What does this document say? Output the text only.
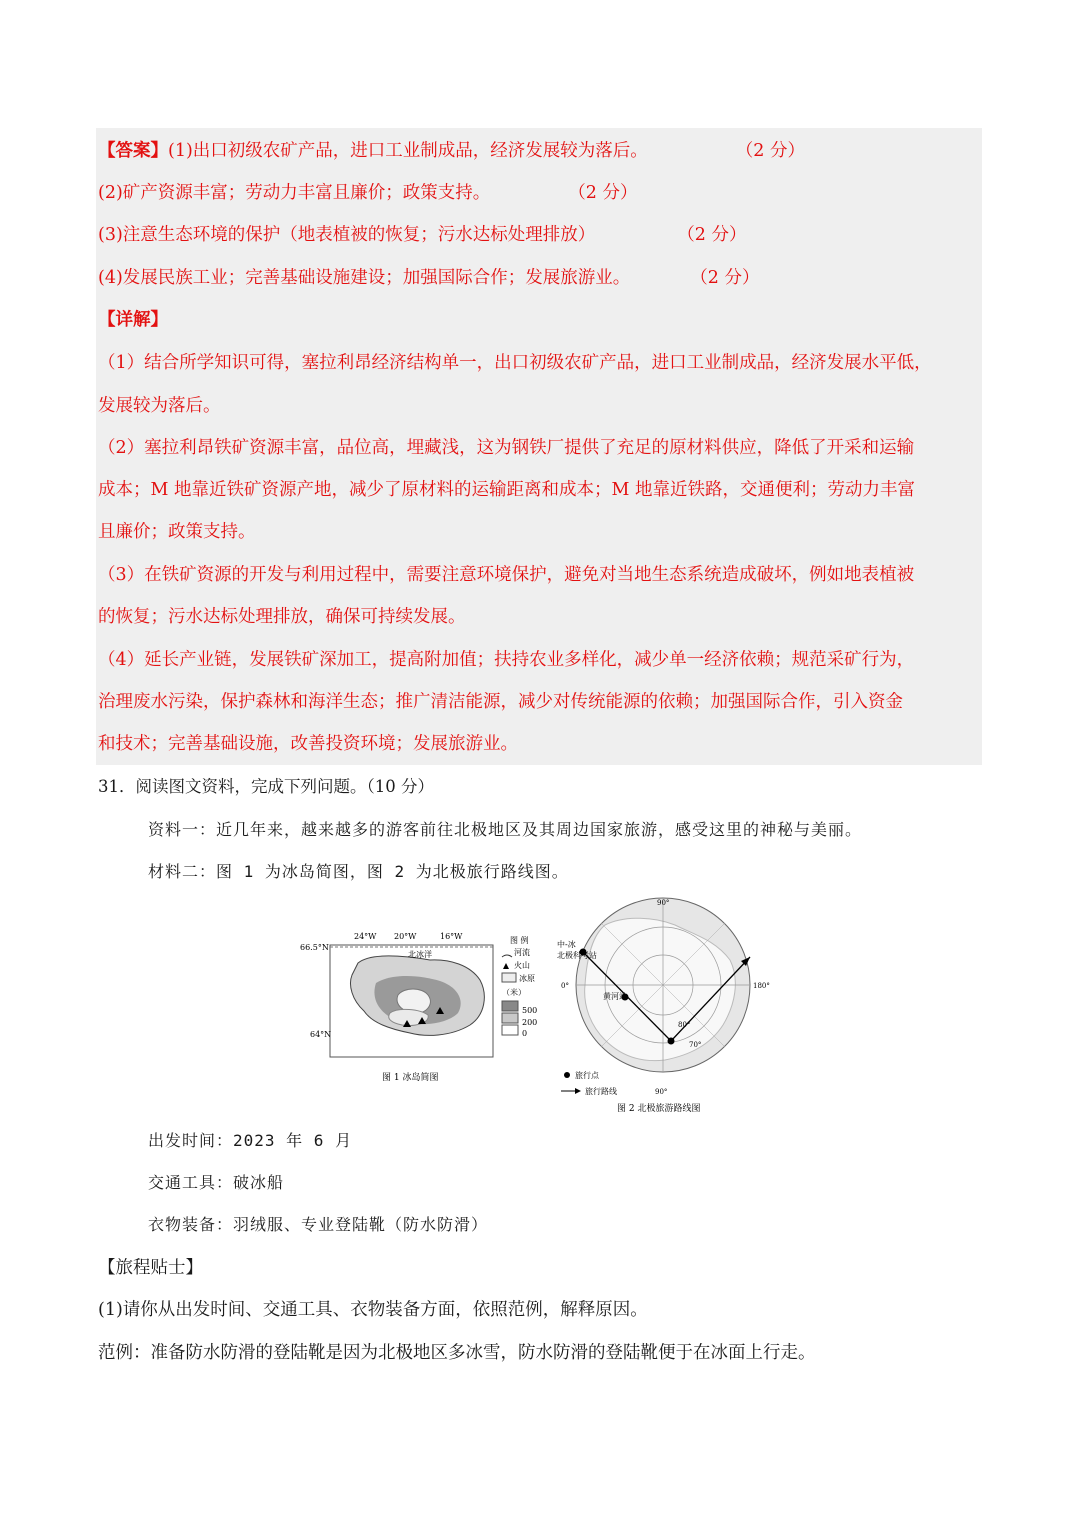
【答案】(1)出口初级农矿产品，进口工业制成品，经济发展较为落后。	（2 分）
(2)矿产资源丰富；劳动力丰富且廉价；政策支持。	（2 分）
(3)注意生态环境的保护（地表植被的恢复；污水达标处理排放）	（2 分）
(4)发展民族工业；完善基础设施建设；加强国际合作；发展旅游业。	（2 分）
【详解】
（1）结合所学知识可得，塞拉利昂经济结构单一，出口初级农矿产品，进口工业制成品，经济发展水平低，
发展较为落后。
（2）塞拉利昂铁矿资源丰富，品位高，埋藏浅，这为钢铁厂提供了充足的原材料供应，降低了开采和运输
成本；M 地靠近铁矿资源产地，减少了原材料的运输距离和成本；M 地靠近铁路，交通便利；劳动力丰富
且廉价；政策支持。
（3）在铁矿资源的开发与利用过程中，需要注意环境保护，避免对当地生态系统造成破坏，例如地表植被
的恢复；污水达标处理排放，确保可持续发展。
（4）延长产业链，发展铁矿深加工，提高附加值；扶持农业多样化，减少单一经济依赖；规范采矿行为，
治理废水污染，保护森林和海洋生态；推广清洁能源，减少对传统能源的依赖；加强国际合作，引入资金
和技术；完善基础设施，改善投资环境；发展旅游业。
31．阅读图文资料，完成下列问题。（10 分）
资料一：近几年来，越来越多的游客前往北极地区及其周边国家旅游，感受这里的神秘与美丽。
材料二：图 1 为冰岛简图，图 2 为北极旅行路线图。
24°W 20°W	16°W
66.5°N
64°N
北冰洋
图 例
河流
火山
冰原
（米）
500
200
0
图 1 冰岛简图
中-冰
北极科考站
黄河站
90°
90°
0°	180°
80°
70°
旅行点
旅行路线
图 2 北极旅游路线图
出发时间：2023 年 6 月
交通工具：破冰船
衣物装备：羽绒服、专业登陆靴（防水防滑）
【旅程贴士】
(1)请你从出发时间、交通工具、衣物装备方面，依照范例，解释原因。
范例：准备防水防滑的登陆靴是因为北极地区多冰雪，防水防滑的登陆靴便于在冰面上行走。
